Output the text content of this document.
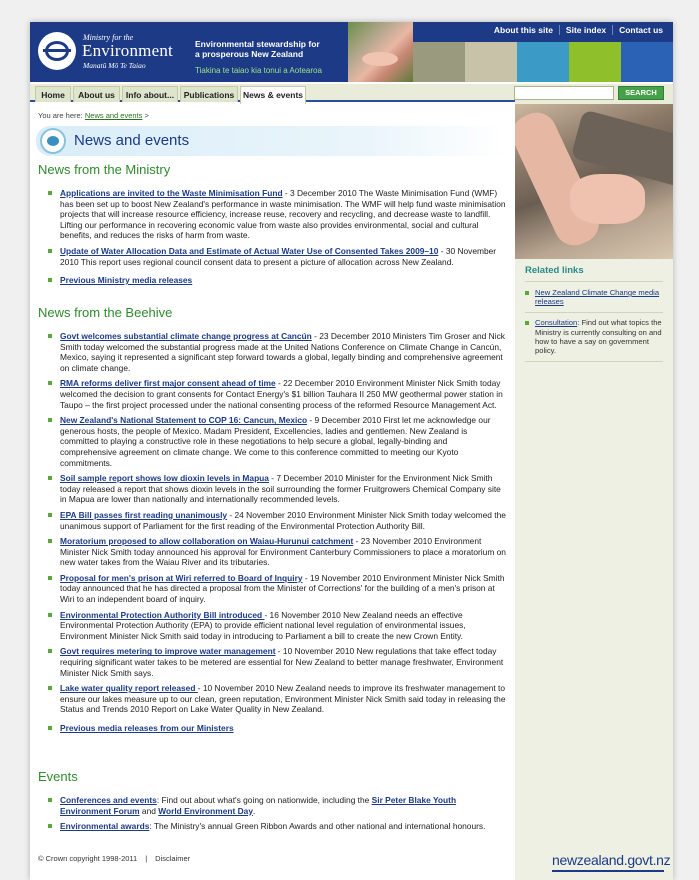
Ministry for the
Environment
Manatū Mō Te Taiao
Environmental stewardship for a prosperous New Zealand
Tiakina te taiao kia tonui a Aotearoa
About this site Site index Contact us
Home	About us	Info about...	Publications	News & events	SEARCH
You are here: News and events >
News and events
News from the Ministry
Applications are invited to the Waste Minimisation Fund - 3 December 2010 The Waste Minimisation Fund (WMF) has been set up to boost New Zealand's performance in waste minimisation. The WMF will help fund waste minimisation projects that will increase resource efficiency, increase reuse, recovery and recycling, and decrease waste to landfill. Lifting our performance in recovering economic value from waste also provides environmental, social and cultural benefits, and reduces the risks of harm from waste.
Update of Water Allocation Data and Estimate of Actual Water Use of Consented Takes 2009–10 - 30 November 2010 This report uses regional council consent data to present a picture of allocation across New Zealand.
Previous Ministry media releases
News from the Beehive
Govt welcomes substantial climate change progress at Cancún - 23 December 2010 Ministers Tim Groser and Nick Smith today welcomed the substantial progress made at the United Nations Conference on Climate Change in Cancún, Mexico, saying it represented a significant step forward towards a global, legally binding and comprehensive agreement on climate change.
RMA reforms deliver first major consent ahead of time - 22 December 2010 Environment Minister Nick Smith today welcomed the decision to grant consents for Contact Energy's $1 billion Tauhara II 250 MW geothermal power station in Taupo – the first project processed under the national consenting process of the reformed Resource Management Act.
New Zealand's National Statement to COP 16: Cancun, Mexico - 9 December 2010 First let me acknowledge our generous hosts, the people of Mexico. Madam President, Excellencies, ladies and gentlemen. New Zealand is committed to playing a constructive role in these negotiations to help secure a global, legally-binding and comprehensive agreement on climate change. We come to this conference committed to meeting our Kyoto commitments.
Soil sample report shows low dioxin levels in Mapua - 7 December 2010 Minister for the Environment Nick Smith today released a report that shows dioxin levels in the soil surrounding the former Fruitgrowers Chemical Company site in Mapua are lower than nationally and internationally recommended levels.
EPA Bill passes first reading unanimously - 24 November 2010 Environment Minister Nick Smith today welcomed the unanimous support of Parliament for the first reading of the Environmental Protection Authority Bill.
Moratorium proposed to allow collaboration on Waiau-Hurunui catchment - 23 November 2010 Environment Minister Nick Smith today announced his approval for Environment Canterbury Commissioners to place a moratorium on new water takes from the Waiau River and its tributaries.
Proposal for men's prison at Wiri referred to Board of Inquiry - 19 November 2010 Environment Minister Nick Smith today announced that he has directed a proposal from the Minister of Corrections' for the building of a men's prison at Wiri to an independent board of inquiry.
Environmental Protection Authority Bill introduced - 16 November 2010 New Zealand needs an effective Environmental Protection Authority (EPA) to provide efficient national level regulation of environmental issues, Environment Minister Nick Smith said today in introducing to Parliament a bill to create the new Crown Entity.
Govt requires metering to improve water management - 10 November 2010 New regulations that take effect today requiring significant water takes to be metered are essential for New Zealand to better manage freshwater, Environment Minister Nick Smith says.
Lake water quality report released - 10 November 2010 New Zealand needs to improve its freshwater management to ensure our lakes measure up to our clean, green reputation, Environment Minister Nick Smith said today in releasing the Status and Trends 2010 Report on Lake Water Quality in New Zealand.
Previous media releases from our Ministers
Events
Conferences and events: Find out about what's going on nationwide, including the Sir Peter Blake Youth Environment Forum and World Environment Day.
Environmental awards: The Ministry's annual Green Ribbon Awards and other national and international honours.
Related links
New Zealand Climate Change media releases
Consultation: Find out what topics the Ministry is currently consulting on and how to have a say on government policy.
© Crown copyright 1998-2011 | Disclaimer	newzealand.govt.nz
